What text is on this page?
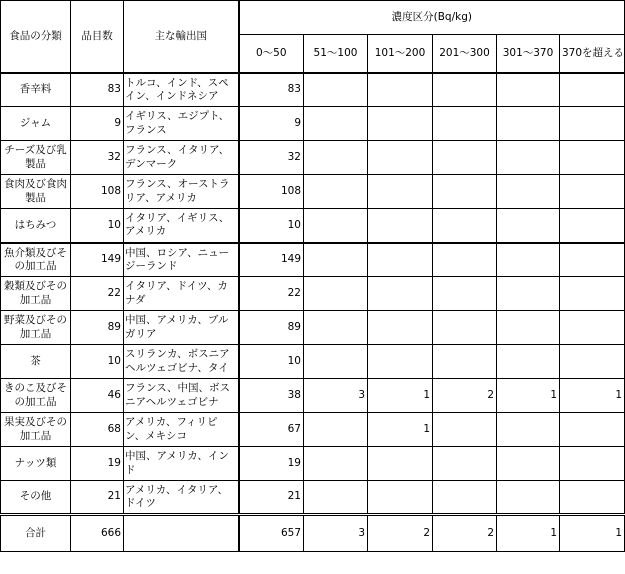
食品の分類	品目数	主な輸出国	濃度区分(Bq/kg)					
			0～50	51～100	101～200	201～300	301～370	370を超える
香辛料	83	トルコ、インド、スペイン、インドネシア	83					
ジャム	9	イギリス、エジプト、フランス	9					
チーズ及び乳製品	32	フランス、イタリア、デンマーク	32					
食肉及び食肉製品	108	フランス、オーストラリア、アメリカ	108					
はちみつ	10	イタリア、イギリス、アメリカ	10					
魚介類及びその加工品	149	中国、ロシア、ニュージーランド	149					
穀類及びその加工品	22	イタリア、ドイツ、カナダ	22					
野菜及びその加工品	89	中国、アメリカ、ブルガリア	89					
茶	10	スリランカ、ボスニアヘルツェゴビナ、タイ	10					
きのこ及びその加工品	46	フランス、中国、ボスニアヘルツェゴビナ	38	3	1	2	1	1
果実及びその加工品	68	アメリカ、フィリピン、メキシコ	67		1			
ナッツ類	19	中国、アメリカ、インド	19					
その他	21	アメリカ、イタリア、ドイツ	21					
合計	666		657	3	2	2	1	1
